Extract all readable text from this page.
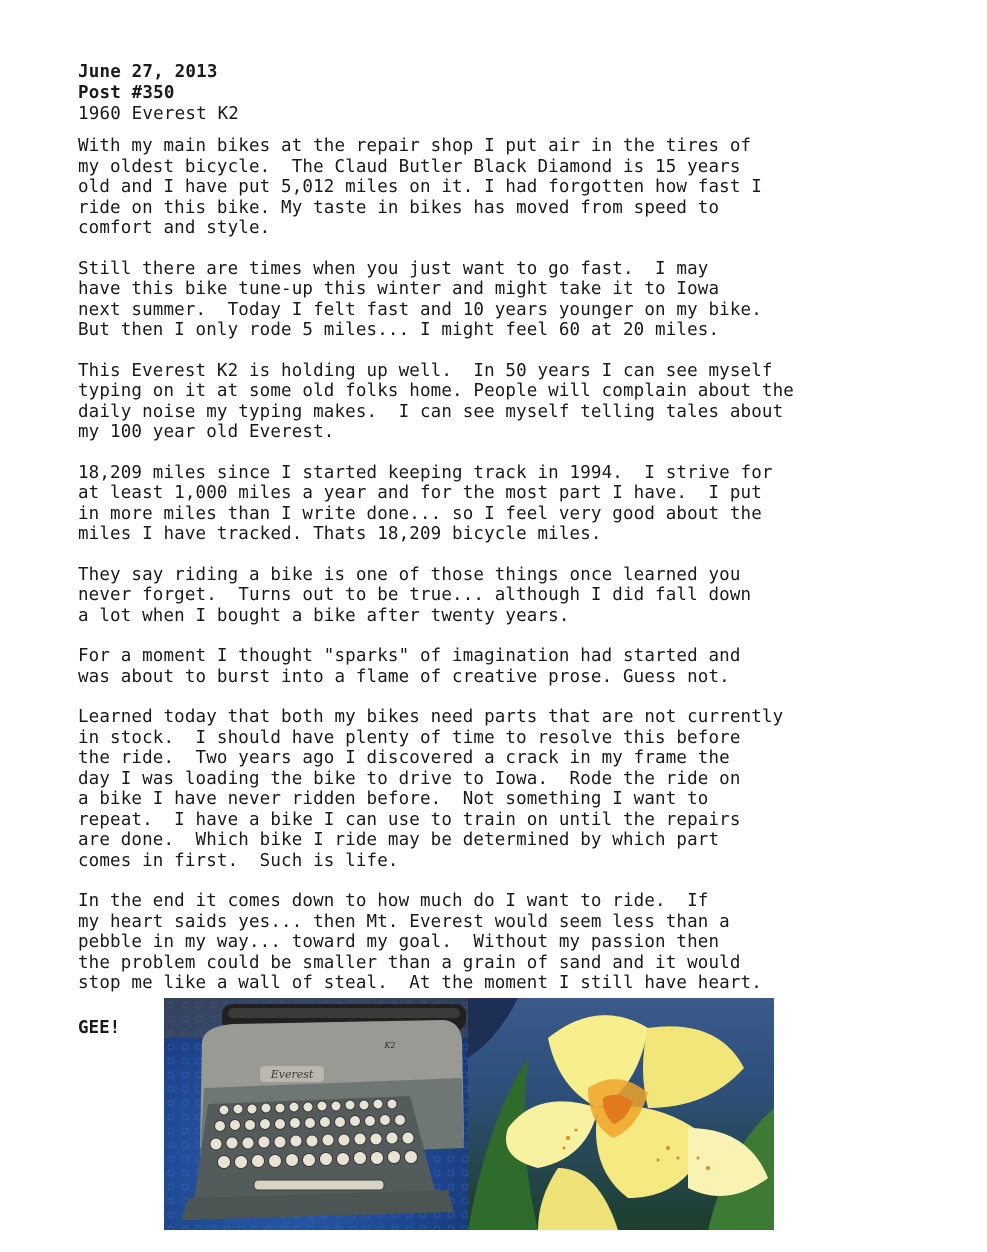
June 27, 2013
Post #350
1960 Everest K2

With my main bikes at the repair shop I put air in the tires of
my oldest bicycle.  The Claud Butler Black Diamond is 15 years
old and I have put 5,012 miles on it. I had forgotten how fast I
ride on this bike. My taste in bikes has moved from speed to
comfort and style.

Still there are times when you just want to go fast.  I may
have this bike tune-up this winter and might take it to Iowa
next summer.  Today I felt fast and 10 years younger on my bike.
But then I only rode 5 miles... I might feel 60 at 20 miles.

This Everest K2 is holding up well.  In 50 years I can see myself
typing on it at some old folks home. People will complain about the
daily noise my typing makes.  I can see myself telling tales about
my 100 year old Everest.

18,209 miles since I started keeping track in 1994.  I strive for
at least 1,000 miles a year and for the most part I have.  I put
in more miles than I write done... so I feel very good about the
miles I have tracked. Thats 18,209 bicycle miles.

They say riding a bike is one of those things once learned you
never forget.  Turns out to be true... although I did fall down
a lot when I bought a bike after twenty years.

For a moment I thought "sparks" of imagination had started and
was about to burst into a flame of creative prose. Guess not.

Learned today that both my bikes need parts that are not currently
in stock.  I should have plenty of time to resolve this before
the ride.  Two years ago I discovered a crack in my frame the
day I was loading the bike to drive to Iowa.  Rode the ride on
a bike I have never ridden before.  Not something I want to
repeat.  I have a bike I can use to train on until the repairs
are done.  Which bike I ride may be determined by which part
comes in first.  Such is life.

In the end it comes down to how much do I want to ride.  If
my heart saids yes... then Mt. Everest would seem less than a
pebble in my way... toward my goal.  Without my passion then
the problem could be smaller than a grain of sand and it would
stop me like a wall of steal.  At the moment I still have heart.

GEE!
Everest
K2
